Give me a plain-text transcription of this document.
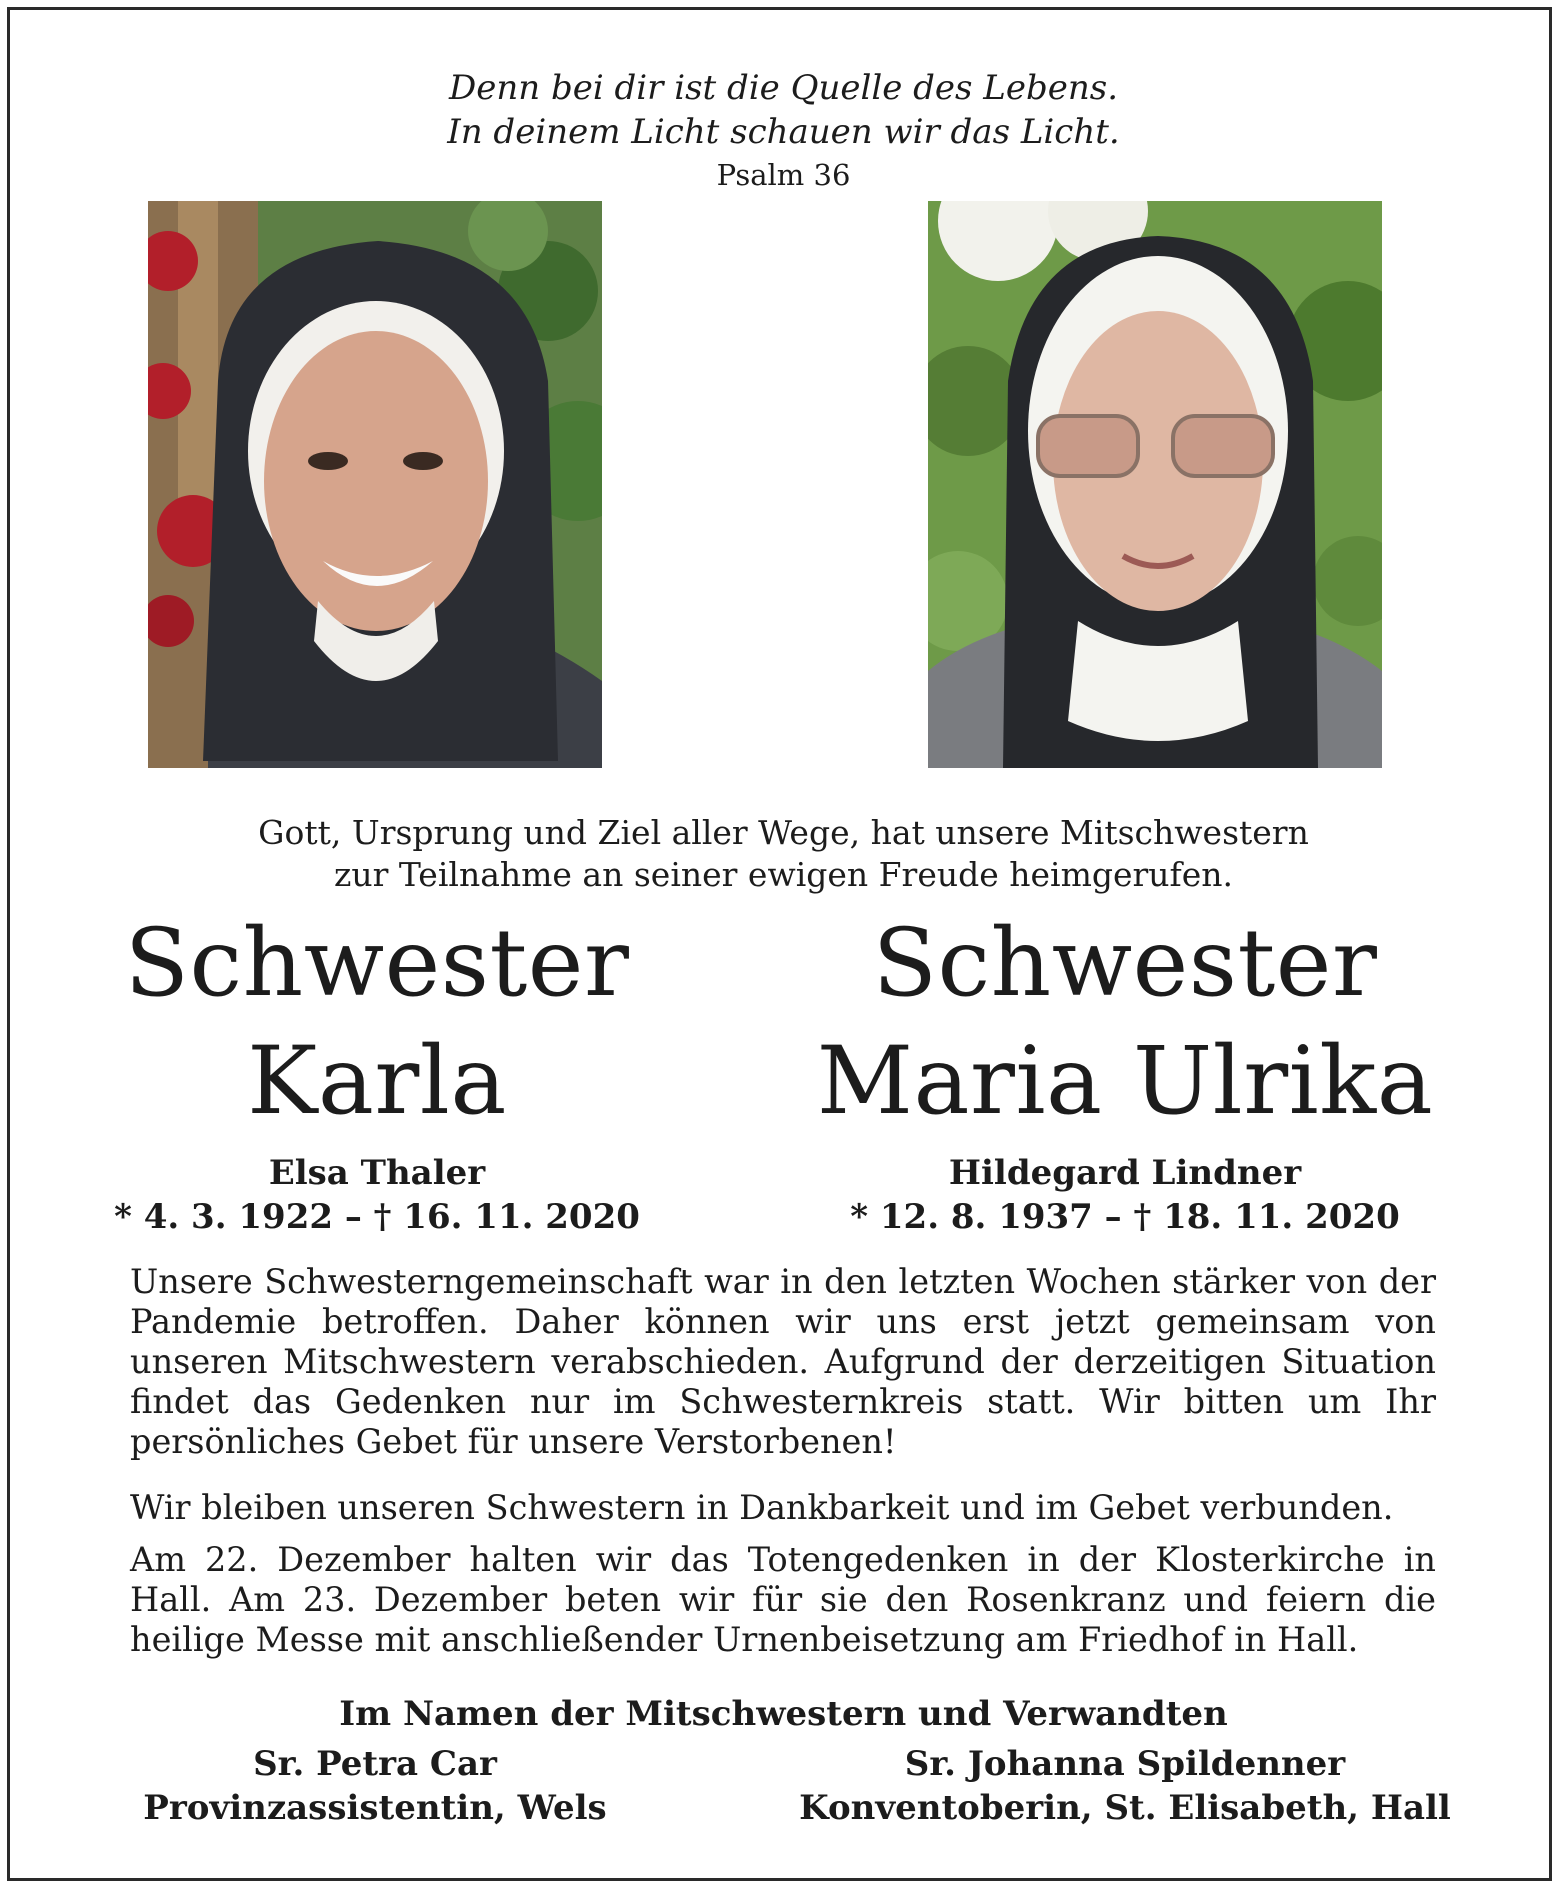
Denn bei dir ist die Quelle des Lebens.
In deinem Licht schauen wir das Licht.
Psalm 36
Gott, Ursprung und Ziel aller Wege, hat unsere Mitschwestern
zur Teilnahme an seiner ewigen Freude heimgerufen.
Schwester
Karla
Elsa Thaler
* 4. 3. 1922 – † 16. 11. 2020
Schwester
Maria Ulrika
Hildegard Lindner
* 12. 8. 1937 – † 18. 11. 2020

Unsere Schwesterngemeinschaft war in den letzten Wochen stärker von der Pandemie betroffen. Daher können wir uns erst jetzt gemeinsam von unseren Mitschwestern verabschieden. Aufgrund der derzeitigen Situation findet das Gedenken nur im Schwesternkreis statt. Wir bitten um Ihr persönliches Gebet für unsere Verstorbenen!

Wir bleiben unseren Schwestern in Dankbarkeit und im Gebet verbunden.

Am 22. Dezember halten wir das Totengedenken in der Klosterkirche in Hall. Am 23. Dezember beten wir für sie den Rosenkranz und feiern die heilige Messe mit anschließender Urnenbeisetzung am Friedhof in Hall.

Im Namen der Mitschwestern und Verwandten
Sr. Petra Car
Provinzassistentin, Wels
Sr. Johanna Spildenner
Konventoberin, St. Elisabeth, Hall
